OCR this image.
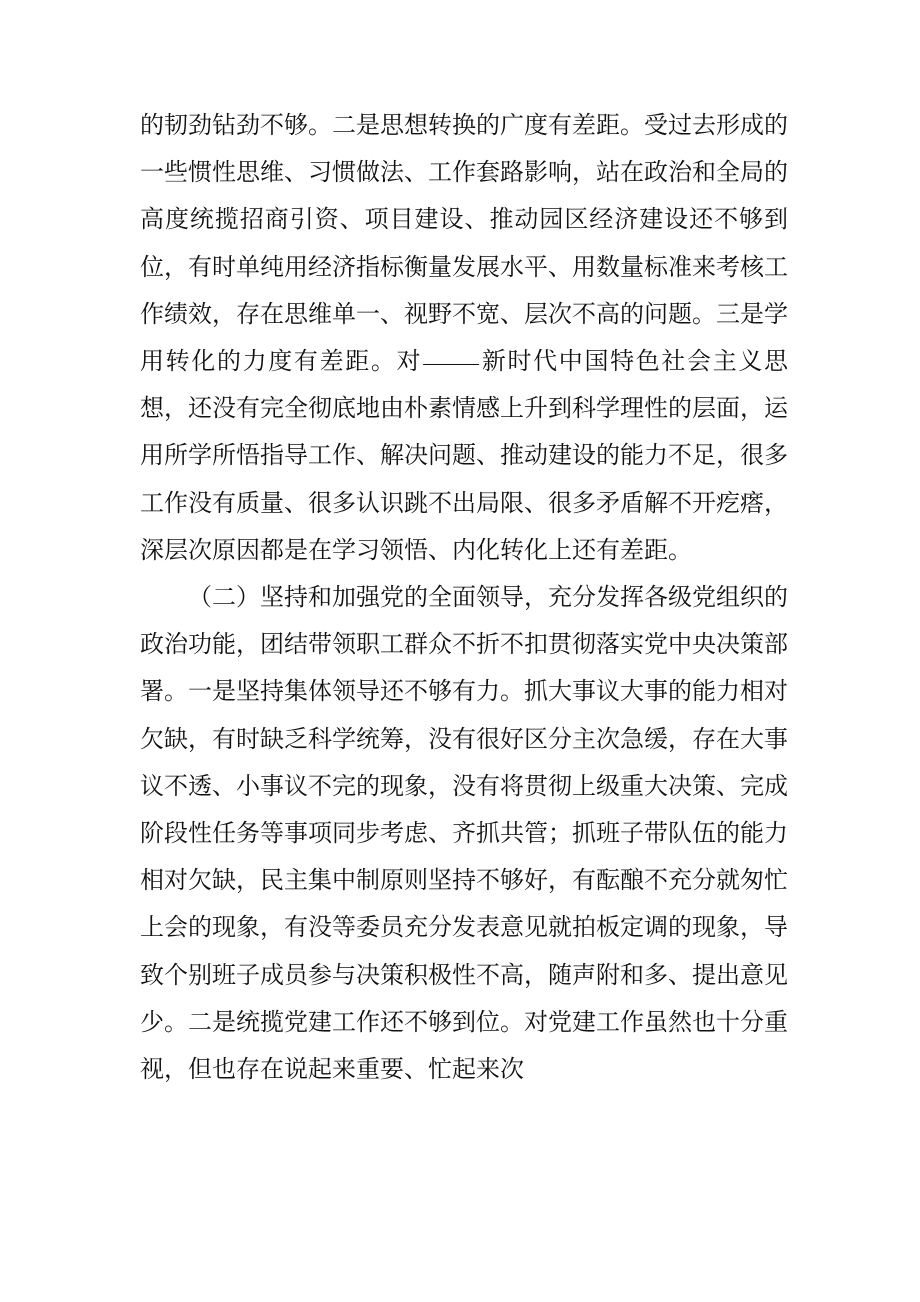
的韧劲钻劲不够。二是思想转换的广度有差距。受过去形成的一些惯性思维、习惯做法、工作套路影响，站在政治和全局的高度统揽招商引资、项目建设、推动园区经济建设还不够到位，有时单纯用经济指标衡量发展水平、用数量标准来考核工作绩效，存在思维单一、视野不宽、层次不高的问题。三是学用转化的力度有差距。对 新时代中国特色社会主义思想，还没有完全彻底地由朴素情感上升到科学理性的层面，运用所学所悟指导工作、解决问题、推动建设的能力不足，很多工作没有质量、很多认识跳不出局限、很多矛盾解不开疙瘩，深层次原因都是在学习领悟、内化转化上还有差距。

（二）坚持和加强党的全面领导，充分发挥各级党组织的政治功能，团结带领职工群众不折不扣贯彻落实党中央决策部署。一是坚持集体领导还不够有力。抓大事议大事的能力相对欠缺，有时缺乏科学统筹，没有很好区分主次急缓，存在大事议不透、小事议不完的现象，没有将贯彻上级重大决策、完成阶段性任务等事项同步考虑、齐抓共管；抓班子带队伍的能力相对欠缺，民主集中制原则坚持不够好，有酝酿不充分就匆忙上会的现象，有没等委员充分发表意见就拍板定调的现象，导致个别班子成员参与决策积极性不高，随声附和多、提出意见少。二是统揽党建工作还不够到位。对党建工作虽然也十分重视，但也存在说起来重要、忙起来次
